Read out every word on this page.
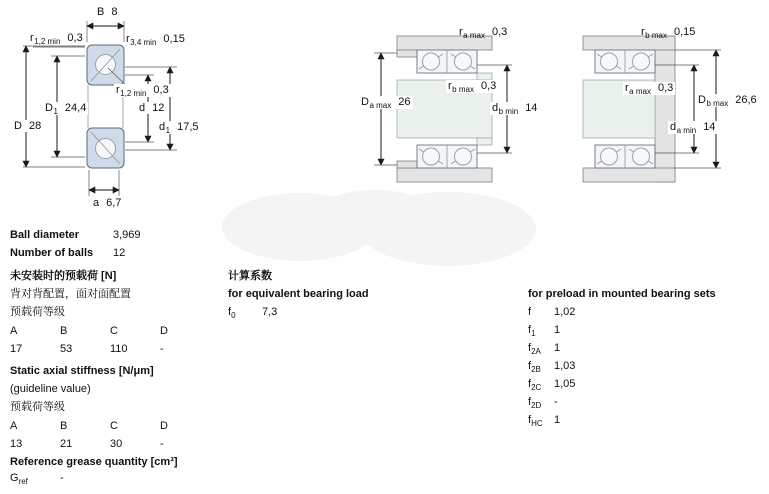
B 8
$r_{1,2 min}$ 0,3	$r_{3,4 min}$ 0,15
$D_1$ 24,4
D 28
$r_{1,2 min}$ 0,3
d 12
$d_1$ 17,5
a 6,7
$r_{a max}$ 0,3
$D_{a max}$ 26
$r_{b max}$ 0,3
$d_{b min}$ 14
$r_{b max}$ 0,15
$r_{a max}$ 0,3
$D_{b max}$ 26,6
$d_{a min}$ 14
Ball diameter	3,969
Number of balls 12
未安装时的预载荷 [N]
背对背配置，面对面配置
预载荷等级
A	B	C	D
17	53	110	-
Static axial stiffness [N/μm]
(guideline value)
预载荷等级
A	B	C	D
13	21	30	-
Reference grease quantity [cm³]
$G_{ref}$	-
计算系数
for equivalent bearing load
$f_0$ 7,3
for preload in mounted bearing sets
f 1,02
$f_1$ 1
$f_{2A}$ 1
$f_{2B}$ 1,03
$f_{2C}$ 1,05
$f_{2D}$ -
$f_{HC}$ 1
